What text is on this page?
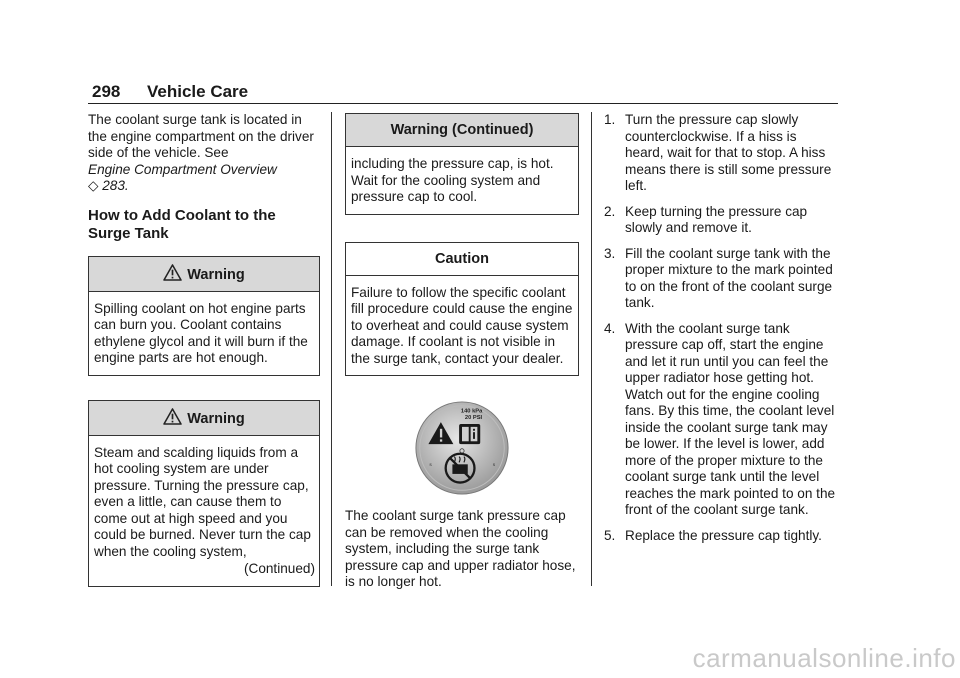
298 Vehicle Care

The coolant surge tank is located in the engine compartment on the driver side of the vehicle. See
Engine Compartment Overview
◇ 283.

How to Add Coolant to the Surge Tank
Warning
Spilling coolant on hot engine parts can burn you. Coolant contains ethylene glycol and it will burn if the engine parts are hot enough.
Warning
Steam and scalding liquids from a hot cooling system are under pressure. Turning the pressure cap, even a little, can cause them to come out at high speed and you could be burned. Never turn the cap when the cooling system,
(Continued)
Warning (Continued)
including the pressure cap, is hot. Wait for the cooling system and pressure cap to cool.
Caution
Failure to follow the specific coolant fill procedure could cause the engine to overheat and could cause system damage. If coolant is not visible in the surge tank, contact your dealer.
140 kPa
20 PSI
s	s

The coolant surge tank pressure cap can be removed when the cooling system, including the surge tank pressure cap and upper radiator hose, is no longer hot.

1. Turn the pressure cap slowly counterclockwise. If a hiss is heard, wait for that to stop. A hiss means there is still some pressure left.
2. Keep turning the pressure cap slowly and remove it.
3. Fill the coolant surge tank with the proper mixture to the mark pointed to on the front of the coolant surge tank.
4. With the coolant surge tank pressure cap off, start the engine and let it run until you can feel the upper radiator hose getting hot. Watch out for the engine cooling fans. By this time, the coolant level inside the coolant surge tank may be lower. If the level is lower, add more of the proper mixture to the coolant surge tank until the level reaches the mark pointed to on the front of the coolant surge tank.
5. Replace the pressure cap tightly.
carmanualsonline.info
